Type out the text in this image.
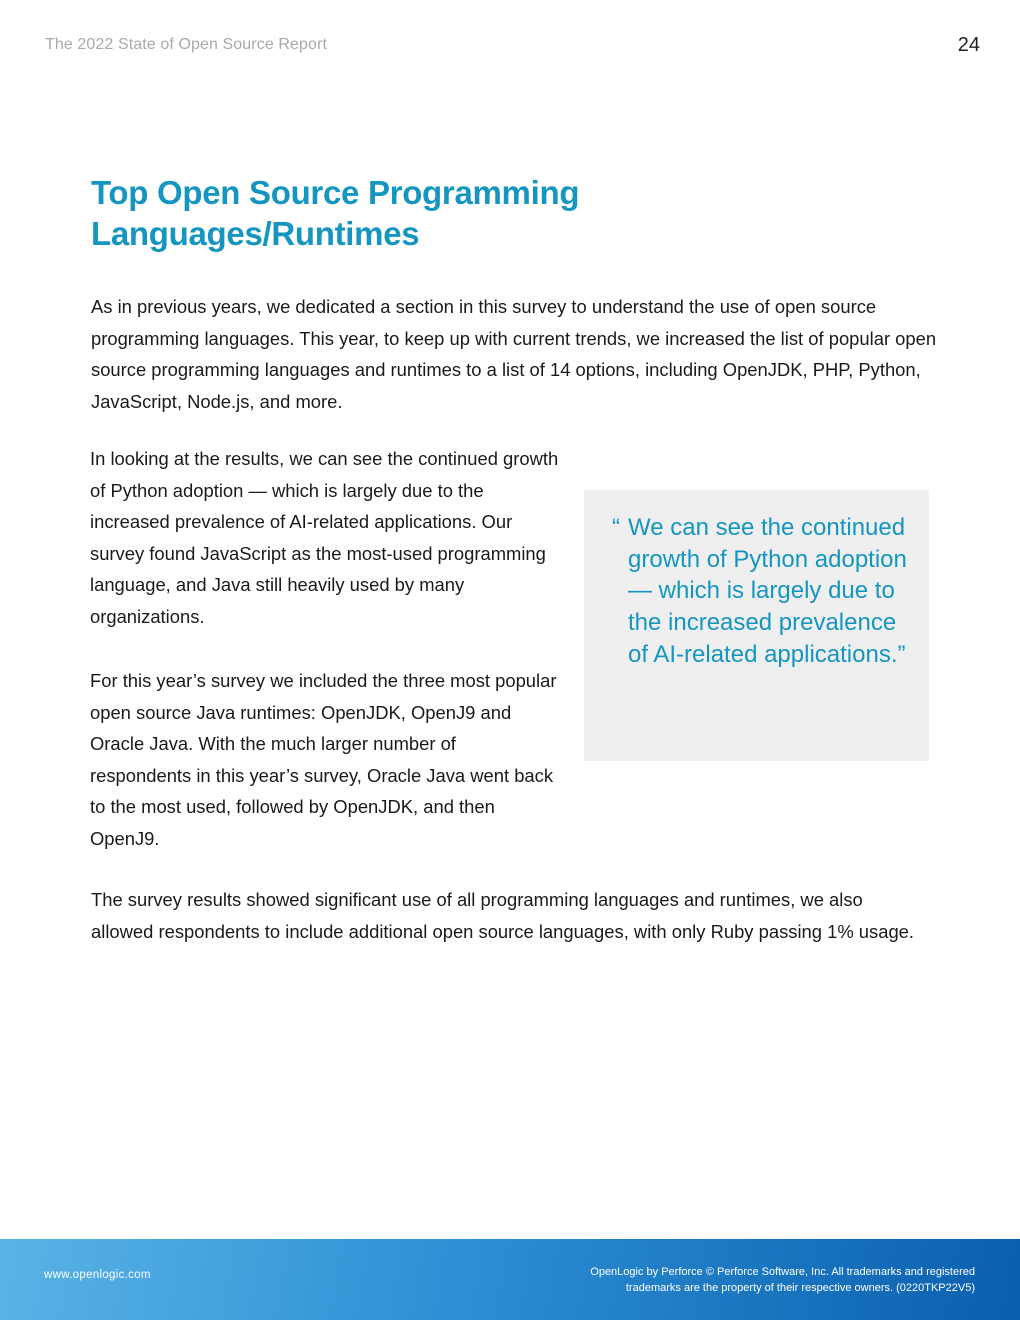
The 2022 State of Open Source Report	24
Top Open Source Programming
Languages/Runtimes

As in previous years, we dedicated a section in this survey to understand the use of open source programming languages. This year, to keep up with current trends, we increased the list of popular open source programming languages and runtimes to a list of 14 options, including OpenJDK, PHP, Python, JavaScript, Node.js, and more.

In looking at the results, we can see the continued growth of Python adoption — which is largely due to the increased prevalence of AI-related applications. Our survey found JavaScript as the most-used programming language, and Java still heavily used by many organizations.

For this year’s survey we included the three most popular open source Java runtimes: OpenJDK, OpenJ9 and Oracle Java. With the much larger number of respondents in this year’s survey, Oracle Java went back to the most used, followed by OpenJDK, and then OpenJ9.

“ We can see the continued growth of Python adoption — which is largely due to the increased prevalence of AI-related applications.”

The survey results showed significant use of all programming languages and runtimes, we also allowed respondents to include additional open source languages, with only Ruby passing 1% usage.

www.openlogic.com	OpenLogic by Perforce © Perforce Software, Inc. All trademarks and registered
trademarks are the property of their respective owners. (0220TKP22V5)
